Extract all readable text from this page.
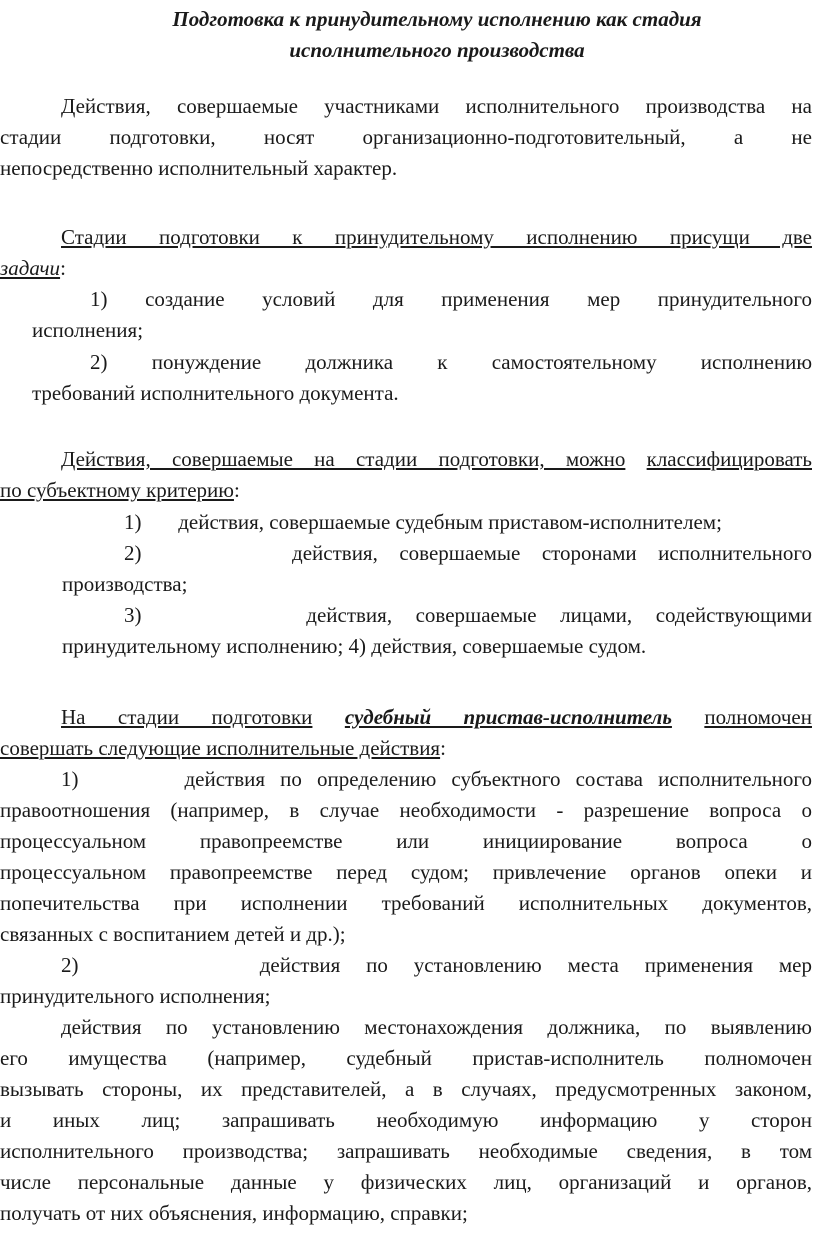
Подготовка к принудительному исполнению как стадия
исполнительного производства
Действия, совершаемые участниками исполнительного производства на
стадии подготовки, носят организационно-подготовительный, а не
непосредственно исполнительный характер.
Стадии подготовки к принудительному исполнению присущи две
задачи:
1) создание условий для применения мер принудительного
исполнения;
2) понуждение должника к самостоятельному исполнению
требований исполнительного документа.
Действия, совершаемые на стадии подготовки, можно классифицировать
по субъектному критерию:
1)       действия, совершаемые судебным приставом-исполнителем;
2)       действия, совершаемые сторонами исполнительного
производства;
3)       действия, совершаемые лицами, содействующими
принудительному исполнению; 4) действия, совершаемые судом.
На стадии подготовки судебный пристав-исполнитель полномочен
совершать следующие исполнительные действия:
1)       действия по определению субъектного состава исполнительного
правоотношения (например, в случае необходимости - разрешение вопроса о
процессуальном правопреемстве или инициирование вопроса о
процессуальном правопреемстве перед судом; привлечение органов опеки и
попечительства при исполнении требований исполнительных документов,
связанных с воспитанием детей и др.);
2)       действия по установлению места применения мер
принудительного исполнения;
действия по установлению местонахождения должника, по выявлению
его имущества (например, судебный пристав-исполнитель полномочен
вызывать стороны, их представителей, а в случаях, предусмотренных законом,
и иных лиц; запрашивать необходимую информацию у сторон
исполнительного производства; запрашивать необходимые сведения, в том
числе персональные данные у физических лиц, организаций и органов,
получать от них объяснения, информацию, справки;
